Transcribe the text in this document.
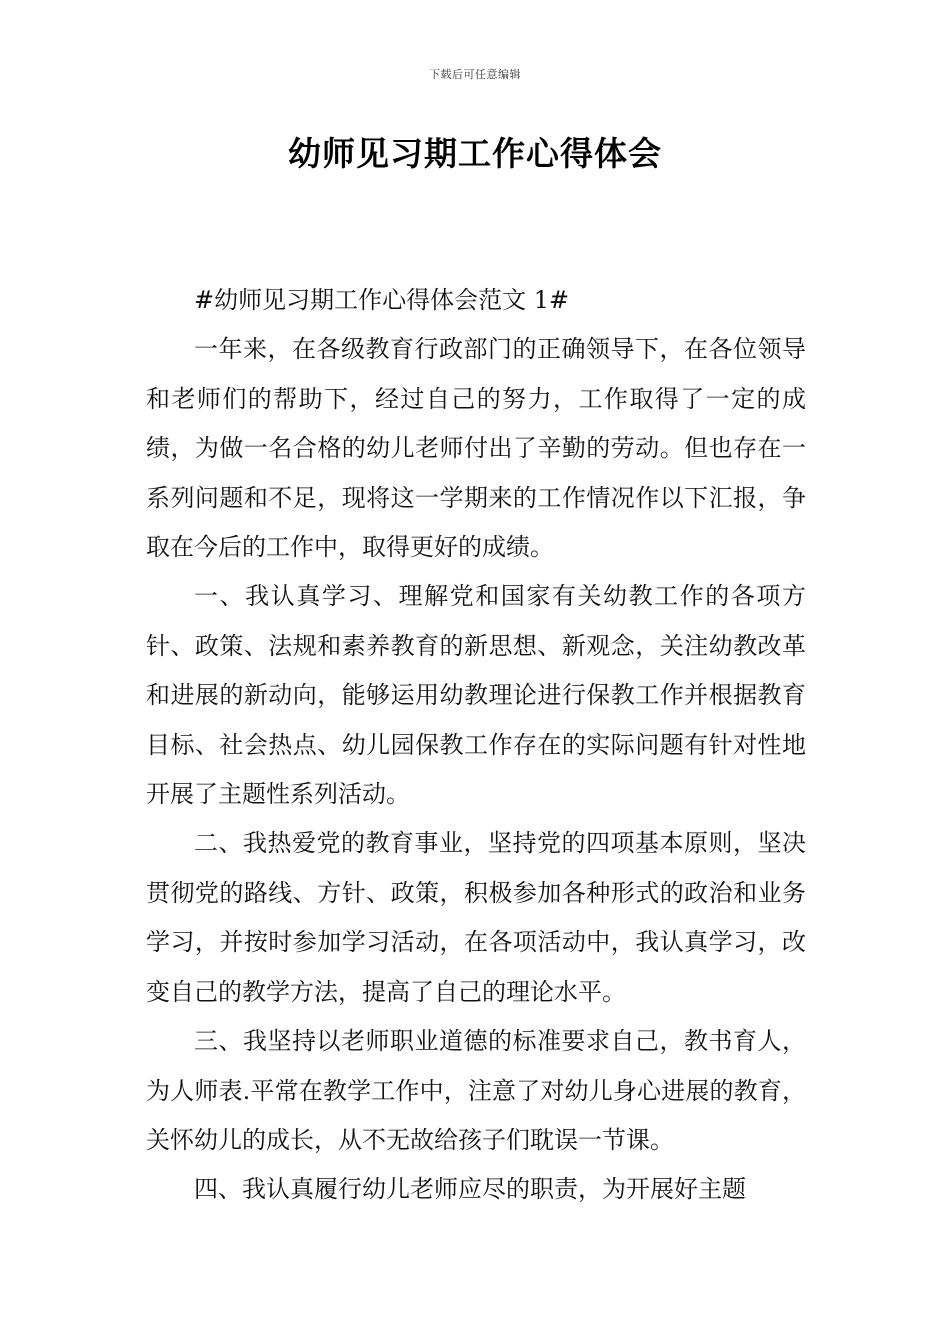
下载后可任意编辑
幼师见习期工作心得体会

#幼师见习期工作心得体会范文 1#

一年来，在各级教育行政部门的正确领导下，在各位领导和老师们的帮助下，经过自己的努力，工作取得了一定的成绩，为做一名合格的幼儿老师付出了辛勤的劳动。但也存在一系列问题和不足，现将这一学期来的工作情况作以下汇报，争取在今后的工作中，取得更好的成绩。

一、我认真学习、理解党和国家有关幼教工作的各项方针、政策、法规和素养教育的新思想、新观念，关注幼教改革和进展的新动向，能够运用幼教理论进行保教工作并根据教育目标、社会热点、幼儿园保教工作存在的实际问题有针对性地开展了主题性系列活动。

二、我热爱党的教育事业，坚持党的四项基本原则，坚决贯彻党的路线、方针、政策，积极参加各种形式的政治和业务学习，并按时参加学习活动，在各项活动中，我认真学习，改变自己的教学方法，提高了自己的理论水平。

三、我坚持以老师职业道德的标准要求自己，教书育人，为人师表.平常在教学工作中，注意了对幼儿身心进展的教育，关怀幼儿的成长，从不无故给孩子们耽误一节课。

四、我认真履行幼儿老师应尽的职责，为开展好主题
